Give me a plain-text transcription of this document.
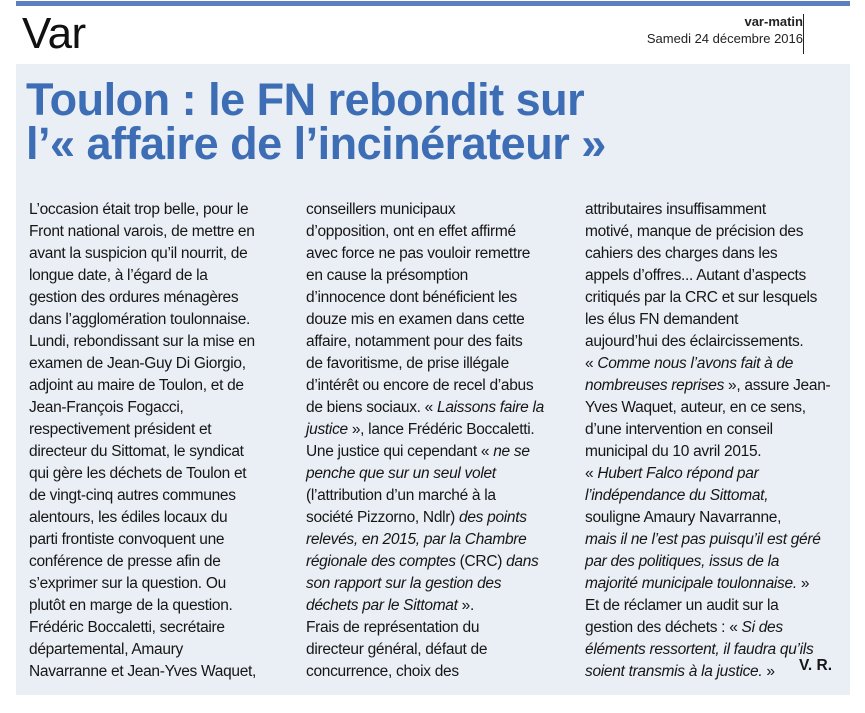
Var	var-matin
Samedi 24 décembre 2016
Toulon : le FN rebondit sur
l’« affaire de l’incinérateur »
L’occasion était trop belle, pour le
Front national varois, de mettre en
avant la suspicion qu’il nourrit, de
longue date, à l’égard de la
gestion des ordures ménagères
dans l’agglomération toulonnaise.
Lundi, rebondissant sur la mise en
examen de Jean-Guy Di Giorgio,
adjoint au maire de Toulon, et de
Jean-François Fogacci,
respectivement président et
directeur du Sittomat, le syndicat
qui gère les déchets de Toulon et
de vingt-cinq autres communes
alentours, les édiles locaux du
parti frontiste convoquent une
conférence de presse afin de
s’exprimer sur la question. Ou
plutôt en marge de la question.
Frédéric Boccaletti, secrétaire
départemental, Amaury
Navarranne et Jean-Yves Waquet,
conseillers municipaux
d’opposition, ont en effet affirmé
avec force ne pas vouloir remettre
en cause la présomption
d’innocence dont bénéficient les
douze mis en examen dans cette
affaire, notamment pour des faits
de favoritisme, de prise illégale
d’intérêt ou encore de recel d’abus
de biens sociaux. « Laissons faire la
justice », lance Frédéric Boccaletti.
Une justice qui cependant « ne se
penche que sur un seul volet
(l’attribution d’un marché à la
société Pizzorno, Ndlr) des points
relevés, en 2015, par la Chambre
régionale des comptes (CRC) dans
son rapport sur la gestion des
déchets par le Sittomat ».
Frais de représentation du
directeur général, défaut de
concurrence, choix des
attributaires insuffisamment
motivé, manque de précision des
cahiers des charges dans les
appels d’offres... Autant d’aspects
critiqués par la CRC et sur lesquels
les élus FN demandent
aujourd’hui des éclaircissements.
« Comme nous l’avons fait à de
nombreuses reprises », assure Jean-
Yves Waquet, auteur, en ce sens,
d’une intervention en conseil
municipal du 10 avril 2015.
« Hubert Falco répond par
l’indépendance du Sittomat,
souligne Amaury Navarranne,
mais il ne l’est pas puisqu’il est géré
par des politiques, issus de la
majorité municipale toulonnaise. »
Et de réclamer un audit sur la
gestion des déchets : « Si des
éléments ressortent, il faudra qu’ils
soient transmis à la justice. »	V. R.
